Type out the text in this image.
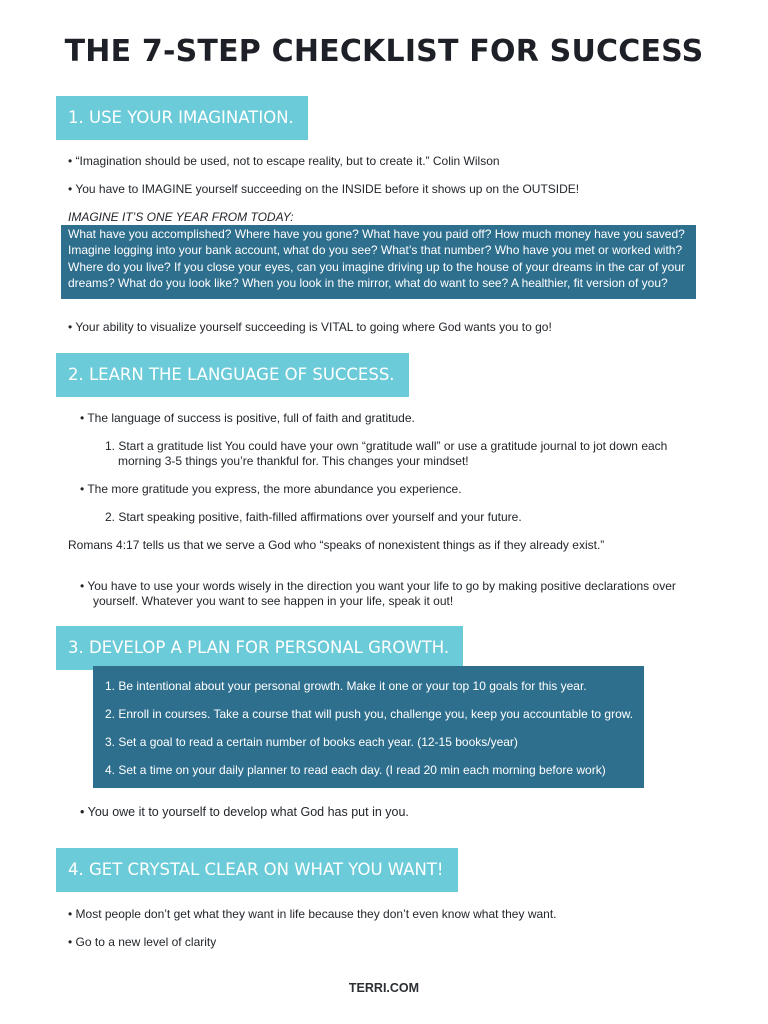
THE 7-STEP CHECKLIST FOR SUCCESS
1. USE YOUR IMAGINATION.
• “Imagination should be used, not to escape reality, but to create it.” Colin Wilson
• You have to IMAGINE yourself succeeding on the INSIDE before it shows up on the OUTSIDE!
IMAGINE IT’S ONE YEAR FROM TODAY:
What have you accomplished? Where have you gone? What have you paid off? How much money have you saved? Imagine logging into your bank account, what do you see? What’s that number? Who have you met or worked with? Where do you live? If you close your eyes, can you imagine driving up to the house of your dreams in the car of your dreams? What do you look like? When you look in the mirror, what do want to see? A healthier, fit version of you?
• Your ability to visualize yourself succeeding is VITAL to going where God wants you to go!
2. LEARN THE LANGUAGE OF SUCCESS.
• The language of success is positive, full of faith and gratitude.
1. Start a gratitude list You could have your own “gratitude wall” or use a gratitude journal to jot down each
morning 3-5 things you’re thankful for. This changes your mindset!
• The more gratitude you express, the more abundance you experience.
2. Start speaking positive, faith-filled affirmations over yourself and your future.
Romans 4:17 tells us that we serve a God who “speaks of nonexistent things as if they already exist.”
• You have to use your words wisely in the direction you want your life to go by making positive declarations over
yourself. Whatever you want to see happen in your life, speak it out!
3. DEVELOP A PLAN FOR PERSONAL GROWTH.
1. Be intentional about your personal growth. Make it one or your top 10 goals for this year.
2. Enroll in courses. Take a course that will push you, challenge you, keep you accountable to grow.
3. Set a goal to read a certain number of books each year. (12-15 books/year)
4. Set a time on your daily planner to read each day. (I read 20 min each morning before work)
• You owe it to yourself to develop what God has put in you.
4. GET CRYSTAL CLEAR ON WHAT YOU WANT!
• Most people don’t get what they want in life because they don’t even know what they want.
• Go to a new level of clarity
TERRI.COM
